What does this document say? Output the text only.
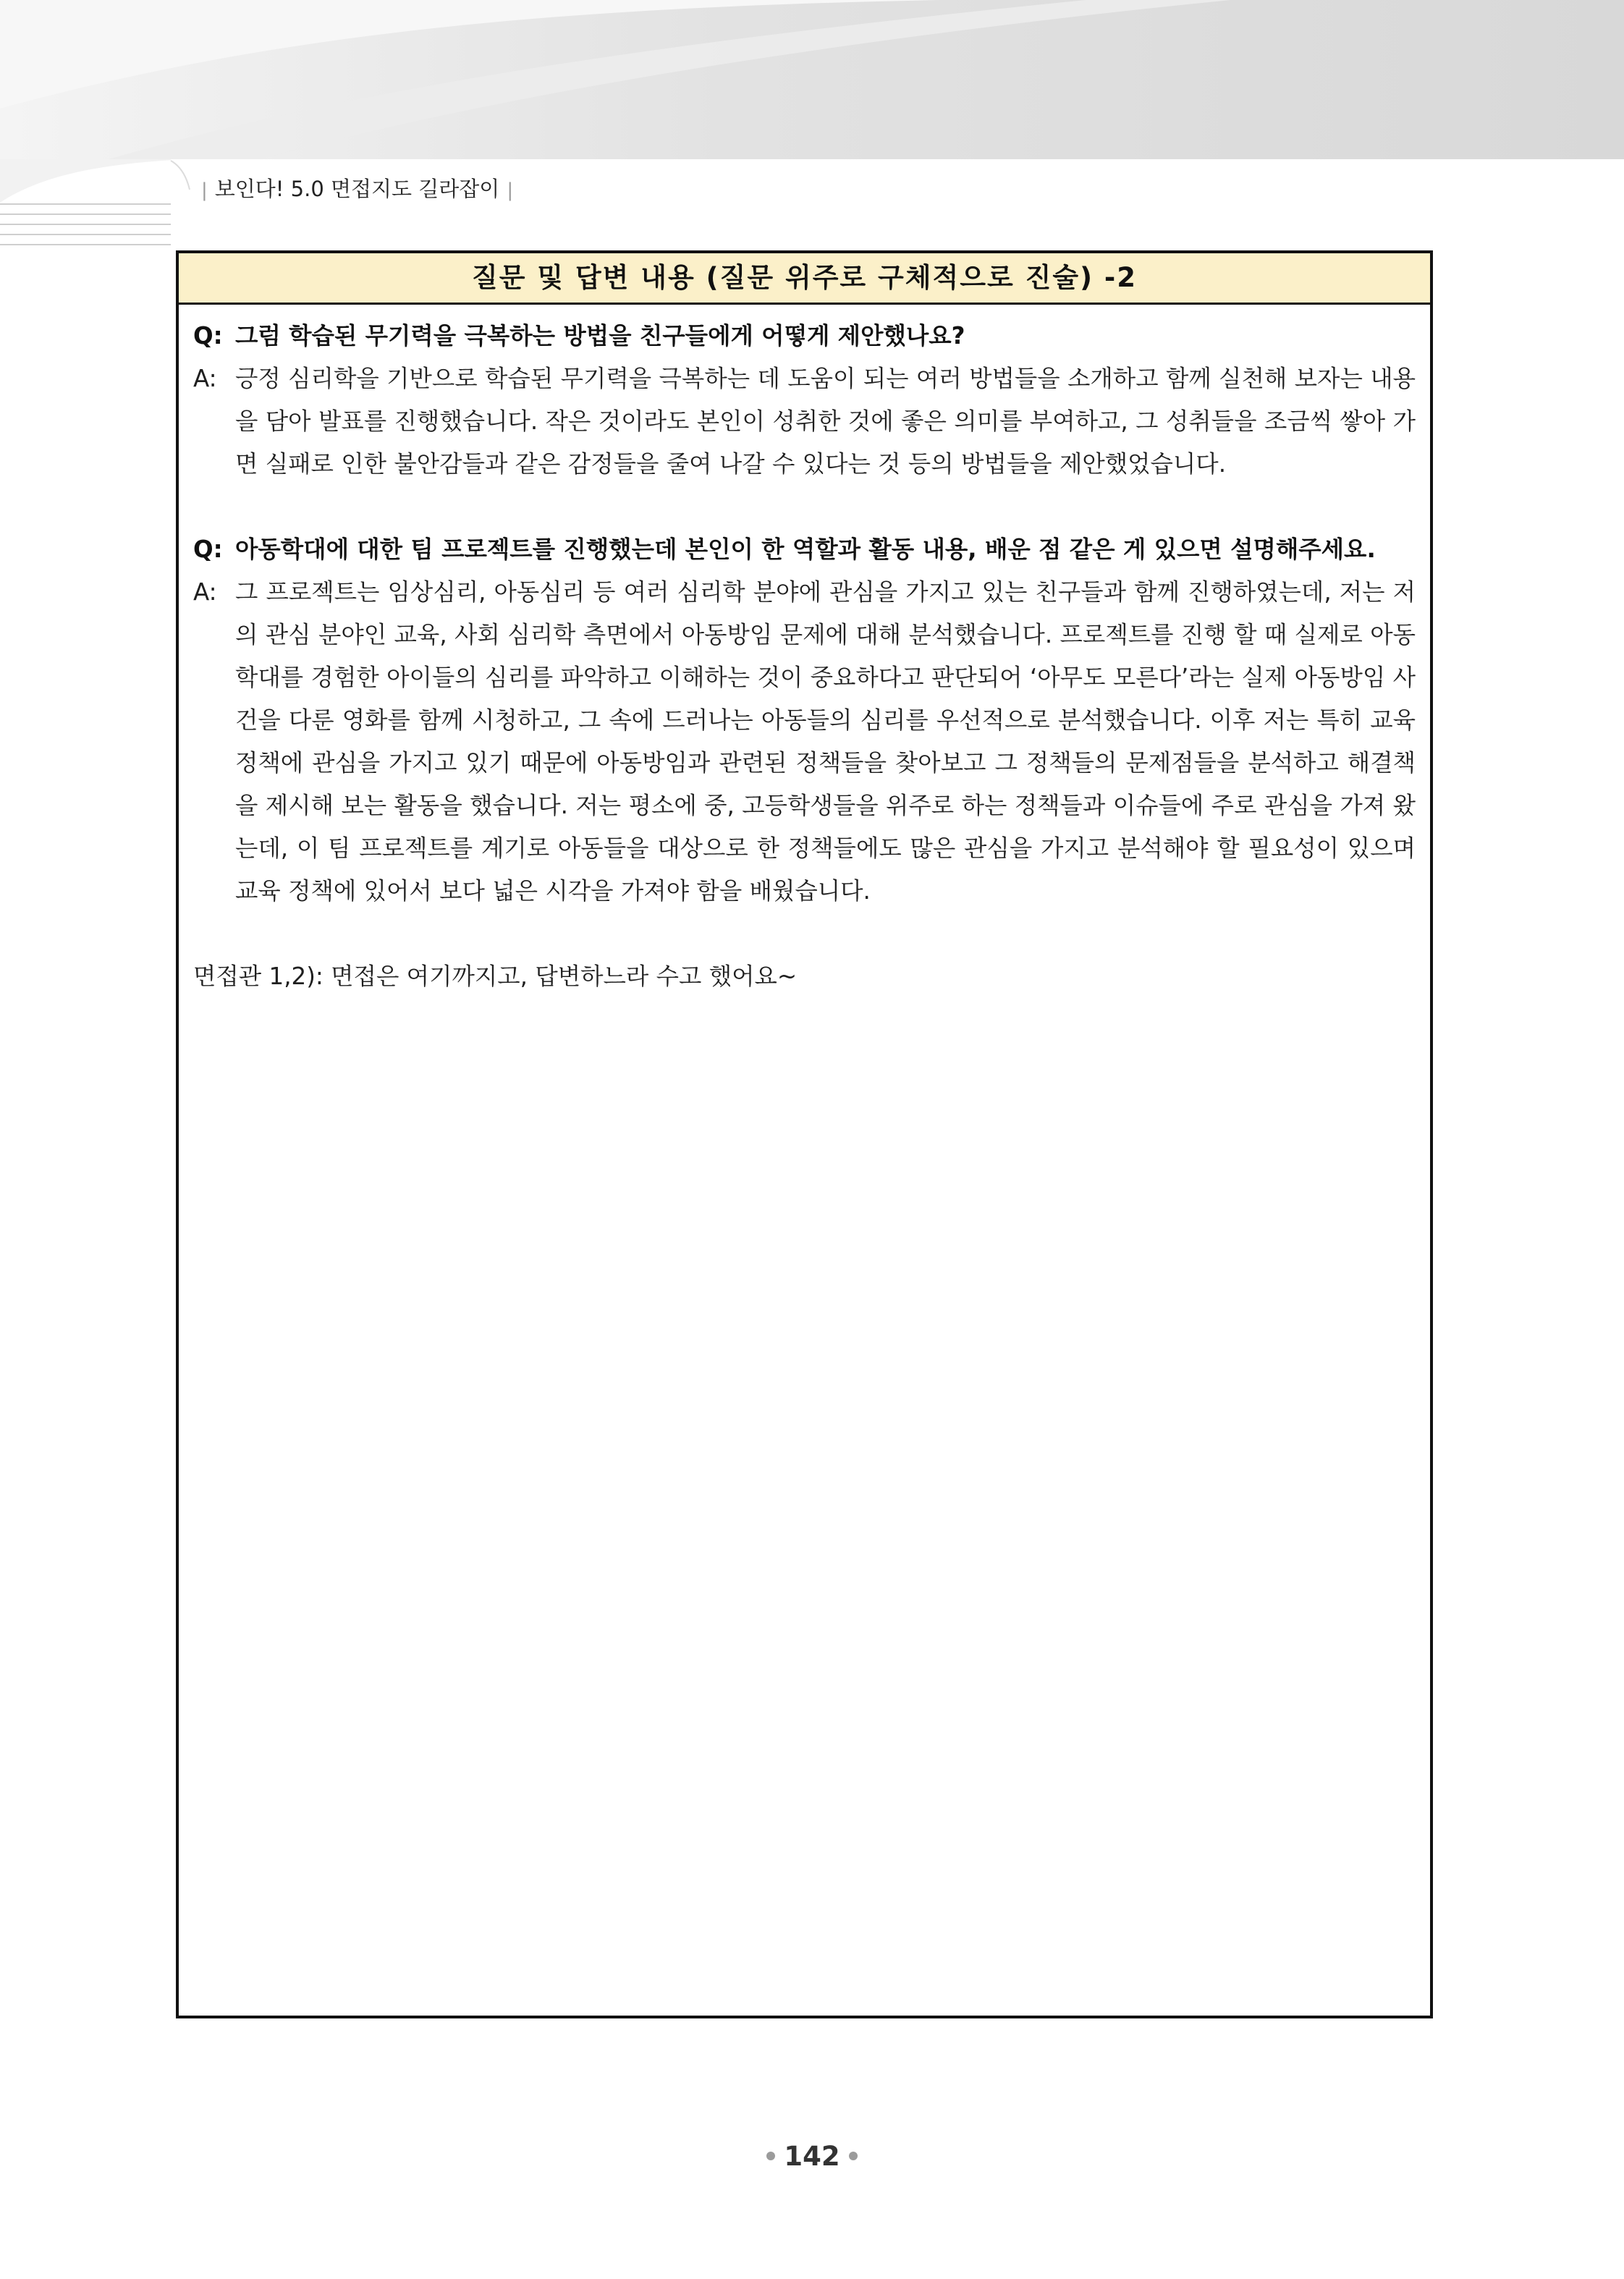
| 보인다! 5.0 면접지도 길라잡이 |
질문 및 답변 내용 (질문 위주로 구체적으로 진술) -2
Q: 그럼 학습된 무기력을 극복하는 방법을 친구들에게 어떻게 제안했나요?
A: 긍정 심리학을 기반으로 학습된 무기력을 극복하는 데 도움이 되는 여러 방법들을 소개하고 함께 실천해 보자는 내용을 담아 발표를 진행했습니다. 작은 것이라도 본인이 성취한 것에 좋은 의미를 부여하고, 그 성취들을 조금씩 쌓아 가면 실패로 인한 불안감들과 같은 감정들을 줄여 나갈 수 있다는 것 등의 방법들을 제안했었습니다.
Q: 아동학대에 대한 팀 프로젝트를 진행했는데 본인이 한 역할과 활동 내용, 배운 점 같은 게 있으면 설명해주세요.
A: 그 프로젝트는 임상심리, 아동심리 등 여러 심리학 분야에 관심을 가지고 있는 친구들과 함께 진행하였는데, 저는 저의 관심 분야인 교육, 사회 심리학 측면에서 아동방임 문제에 대해 분석했습니다. 프로젝트를 진행 할 때 실제로 아동학대를 경험한 아이들의 심리를 파악하고 이해하는 것이 중요하다고 판단되어 ‘아무도 모른다’라는 실제 아동방임 사건을 다룬 영화를 함께 시청하고, 그 속에 드러나는 아동들의 심리를 우선적으로 분석했습니다. 이후 저는 특히 교육 정책에 관심을 가지고 있기 때문에 아동방임과 관련된 정책들을 찾아보고 그 정책들의 문제점들을 분석하고 해결책을 제시해 보는 활동을 했습니다. 저는 평소에 중, 고등학생들을 위주로 하는 정책들과 이슈들에 주로 관심을 가져 왔는데, 이 팀 프로젝트를 계기로 아동들을 대상으로 한 정책들에도 많은 관심을 가지고 분석해야 할 필요성이 있으며 교육 정책에 있어서 보다 넓은 시각을 가져야 함을 배웠습니다.
면접관 1,2): 면접은 여기까지고, 답변하느라 수고 했어요~
142
